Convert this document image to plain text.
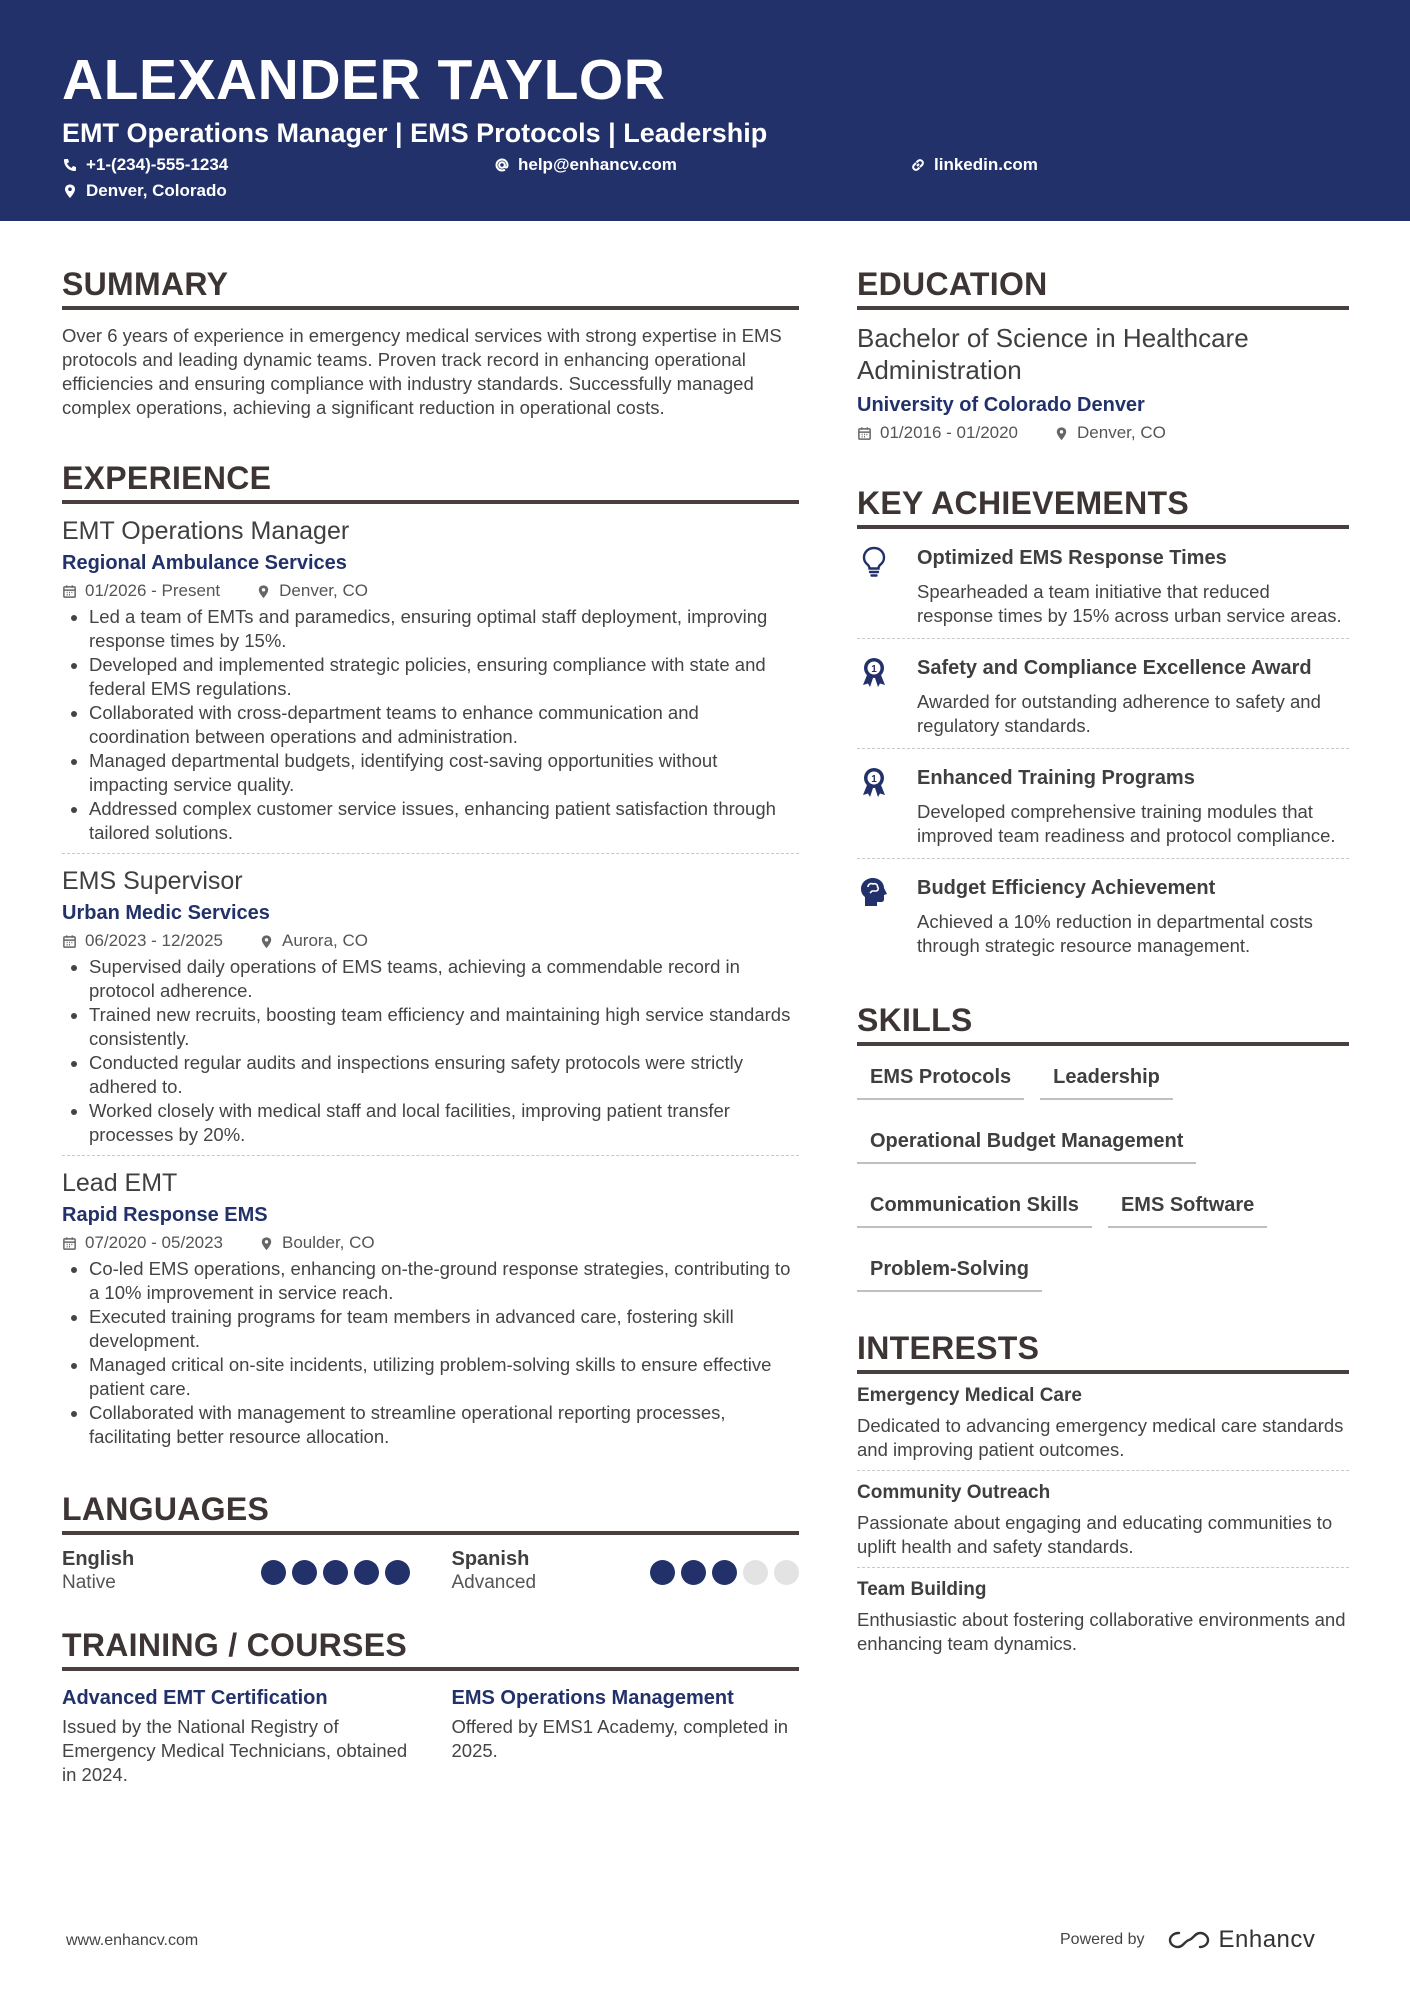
ALEXANDER TAYLOR
EMT Operations Manager | EMS Protocols | Leadership
+1-(234)-555-1234	help@enhancv.com	linkedin.com
Denver, Colorado
SUMMARY

Over 6 years of experience in emergency medical services with strong expertise in EMS protocols and leading dynamic teams. Proven track record in enhancing operational efficiencies and ensuring compliance with industry standards. Successfully managed complex operations, achieving a significant reduction in operational costs.

EXPERIENCE
EMT Operations Manager
Regional Ambulance Services
01/2026 - Present	Denver, CO
Led a team of EMTs and paramedics, ensuring optimal staff deployment, improving response times by 15%.
Developed and implemented strategic policies, ensuring compliance with state and federal EMS regulations.
Collaborated with cross-department teams to enhance communication and coordination between operations and administration.
Managed departmental budgets, identifying cost-saving opportunities without impacting service quality.
Addressed complex customer service issues, enhancing patient satisfaction through tailored solutions.
EMS Supervisor
Urban Medic Services
06/2023 - 12/2025	Aurora, CO
Supervised daily operations of EMS teams, achieving a commendable record in protocol adherence.
Trained new recruits, boosting team efficiency and maintaining high service standards consistently.
Conducted regular audits and inspections ensuring safety protocols were strictly adhered to.
Worked closely with medical staff and local facilities, improving patient transfer processes by 20%.
Lead EMT
Rapid Response EMS
07/2020 - 05/2023	Boulder, CO
Co-led EMS operations, enhancing on-the-ground response strategies, contributing to a 10% improvement in service reach.
Executed training programs for team members in advanced care, fostering skill development.
Managed critical on-site incidents, utilizing problem-solving skills to ensure effective patient care.
Collaborated with management to streamline operational reporting processes, facilitating better resource allocation.
LANGUAGES
English
Native
Spanish
Advanced
TRAINING / COURSES
Advanced EMT Certification
Issued by the National Registry of Emergency Medical Technicians, obtained in 2024.
EMS Operations Management
Offered by EMS1 Academy, completed in 2025.
EDUCATION
Bachelor of Science in Healthcare Administration
University of Colorado Denver
01/2016 - 01/2020	Denver, CO
KEY ACHIEVEMENTS
Optimized EMS Response Times
Spearheaded a team initiative that reduced response times by 15% across urban service areas.
1 Safety and Compliance Excellence Award
Awarded for outstanding adherence to safety and regulatory standards.
1 Enhanced Training Programs
Developed comprehensive training modules that improved team readiness and protocol compliance.
Budget Efficiency Achievement
Achieved a 10% reduction in departmental costs through strategic resource management.
SKILLS
EMS Protocols	Leadership
Operational Budget Management
Communication Skills	EMS Software
Problem-Solving
INTERESTS
Emergency Medical Care
Dedicated to advancing emergency medical care standards and improving patient outcomes.
Community Outreach
Passionate about engaging and educating communities to uplift health and safety standards.
Team Building
Enthusiastic about fostering collaborative environments and enhancing team dynamics.
www.enhancv.com	Powered by	Enhancv
